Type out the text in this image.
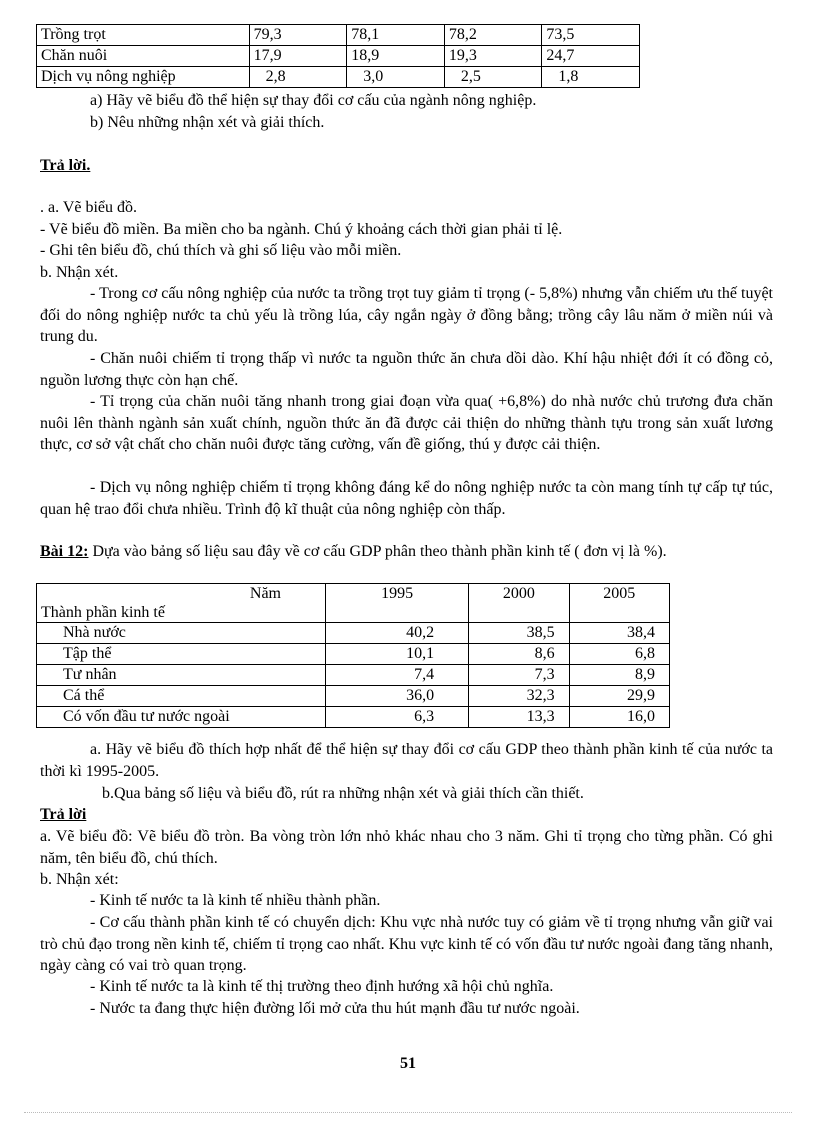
Trồng trọt	79,3	78,1	78,2	73,5
Chăn nuôi	17,9	18,9	19,3	24,7
Dịch vụ nông nghiệp	2,8	3,0	2,5	1,8
a) Hãy vẽ biểu đồ thể hiện sự thay đổi cơ cấu của ngành nông nghiệp.
b) Nêu những nhận xét và giải thích.
Trả lời.
. a. Vẽ biểu đồ.
- Vẽ biểu đồ miền. Ba miền cho ba ngành. Chú ý khoảng cách thời gian phải tỉ lệ.
- Ghi tên biểu đồ, chú thích và ghi số liệu vào mỗi miền.
b. Nhận xét.
- Trong cơ cấu nông nghiệp của nước ta trồng trọt tuy giảm tỉ trọng (- 5,8%) nhưng vẫn chiếm ưu thế tuyệt đối do nông nghiệp nước ta chủ yếu là trồng lúa, cây ngắn ngày ở đồng bằng; trồng cây lâu năm ở miền núi và trung du.
- Chăn nuôi chiếm tỉ trọng thấp vì nước ta nguồn thức ăn chưa dồi dào. Khí hậu nhiệt đới ít có đồng cỏ, nguồn lương thực còn hạn chế.
- Tỉ trọng của chăn nuôi tăng nhanh trong giai đoạn vừa qua( +6,8%) do nhà nước chủ trương đưa chăn nuôi lên thành ngành sản xuất chính, nguồn thức ăn đã được cải thiện do những thành tựu trong sản xuất lương thực, cơ sở vật chất cho chăn nuôi được tăng cường, vấn đề giống, thú y được cải thiện.
- Dịch vụ nông nghiệp chiếm tỉ trọng không đáng kể do nông nghiệp nước ta còn mang tính tự cấp tự túc, quan hệ trao đổi chưa nhiều. Trình độ kĩ thuật của nông nghiệp còn thấp.
Bài 12: Dựa vào bảng số liệu sau đây về cơ cấu GDP phân theo thành phần kinh tế ( đơn vị là %).
Năm
Thành phần kinh tế	1995	2000	2005
Nhà nước	40,2	38,5	38,4
Tập thể	10,1	8,6	6,8
Tư nhân	7,4	7,3	8,9
Cá thể	36,0	32,3	29,9
Có vốn đầu tư nước ngoài	6,3	13,3	16,0
a. Hãy vẽ biểu đồ thích hợp nhất để thể hiện sự thay đổi cơ cấu GDP theo thành phần kinh tế của nước ta thời kì 1995-2005.
b.Qua bảng số liệu và biểu đồ, rút ra những nhận xét và giải thích cần thiết.
Trả lời
a. Vẽ biểu đồ: Vẽ biểu đồ tròn. Ba vòng tròn lớn nhỏ khác nhau cho 3 năm. Ghi tỉ trọng cho từng phần. Có ghi năm, tên biểu đồ, chú thích.
b. Nhận xét:
- Kinh tế nước ta là kinh tế nhiều thành phần.
- Cơ cấu thành phần kinh tế có chuyển dịch: Khu vực nhà nước tuy có giảm về tỉ trọng nhưng vẫn giữ vai trò chủ đạo trong nền kinh tế, chiếm tỉ trọng cao nhất. Khu vực kinh tế có vốn đầu tư nước ngoài đang tăng nhanh, ngày càng có vai trò quan trọng.
- Kinh tế nước ta là kinh tế thị trường theo định hướng xã hội chủ nghĩa.
- Nước ta đang thực hiện đường lối mở cửa thu hút mạnh đầu tư nước ngoài.
51
